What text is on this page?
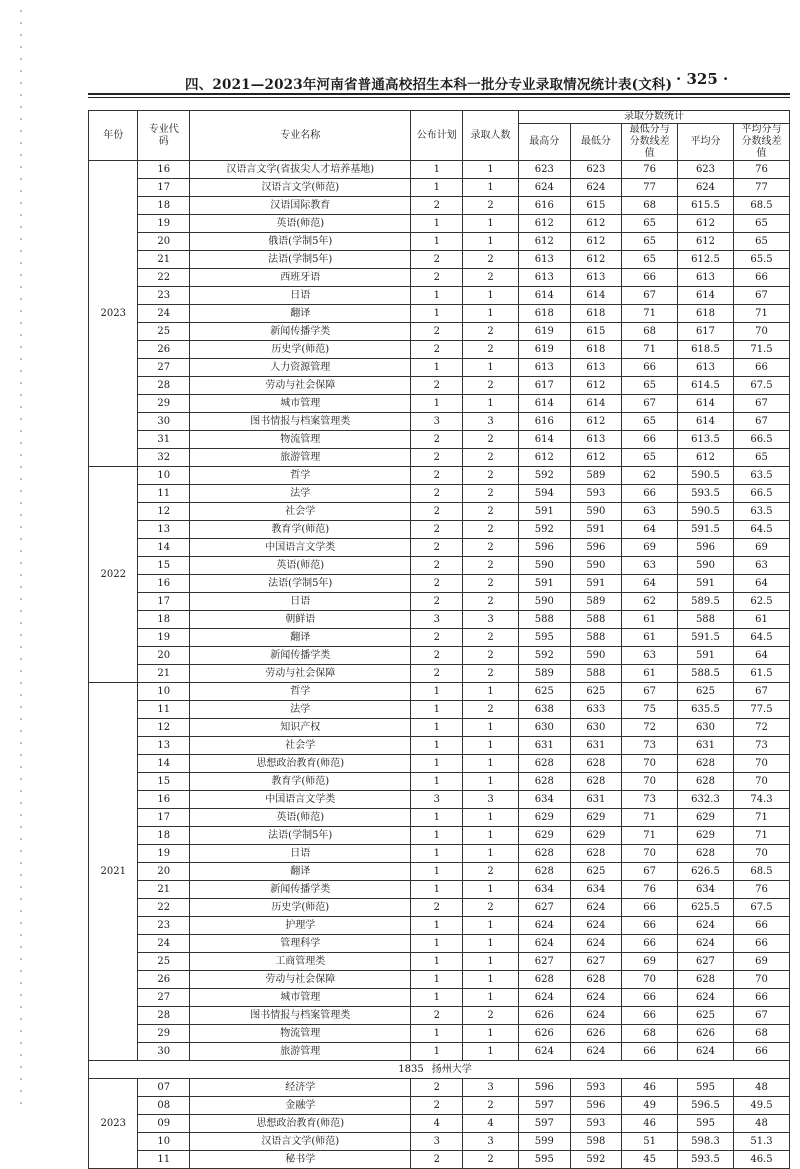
四、2021—2023年河南省普通高校招生本科一批分专业录取情况统计表(文科) · 325 ·
年份	专业代码	专业名称	公布计划	录取人数	录取分数统计				
					最高分	最低分	最低分与分数线差值	平均分	平均分与分数线差值
2023	16	汉语言文学(省拔尖人才培养基地)	1	1	623	623	76	623	76
	17	汉语言文学(师范)	1	1	624	624	77	624	77
	18	汉语国际教育	2	2	616	615	68	615.5	68.5
	19	英语(师范)	1	1	612	612	65	612	65
	20	俄语(学制5年)	1	1	612	612	65	612	65
	21	法语(学制5年)	2	2	613	612	65	612.5	65.5
	22	西班牙语	2	2	613	613	66	613	66
	23	日语	1	1	614	614	67	614	67
	24	翻译	1	1	618	618	71	618	71
	25	新闻传播学类	2	2	619	615	68	617	70
	26	历史学(师范)	2	2	619	618	71	618.5	71.5
	27	人力资源管理	1	1	613	613	66	613	66
	28	劳动与社会保障	2	2	617	612	65	614.5	67.5
	29	城市管理	1	1	614	614	67	614	67
	30	图书情报与档案管理类	3	3	616	612	65	614	67
	31	物流管理	2	2	614	613	66	613.5	66.5
	32	旅游管理	2	2	612	612	65	612	65
2022	10	哲学	2	2	592	589	62	590.5	63.5
	11	法学	2	2	594	593	66	593.5	66.5
	12	社会学	2	2	591	590	63	590.5	63.5
	13	教育学(师范)	2	2	592	591	64	591.5	64.5
	14	中国语言文学类	2	2	596	596	69	596	69
	15	英语(师范)	2	2	590	590	63	590	63
	16	法语(学制5年)	2	2	591	591	64	591	64
	17	日语	2	2	590	589	62	589.5	62.5
	18	朝鲜语	3	3	588	588	61	588	61
	19	翻译	2	2	595	588	61	591.5	64.5
	20	新闻传播学类	2	2	592	590	63	591	64
	21	劳动与社会保障	2	2	589	588	61	588.5	61.5
2021	10	哲学	1	1	625	625	67	625	67
	11	法学	1	2	638	633	75	635.5	77.5
	12	知识产权	1	1	630	630	72	630	72
	13	社会学	1	1	631	631	73	631	73
	14	思想政治教育(师范)	1	1	628	628	70	628	70
	15	教育学(师范)	1	1	628	628	70	628	70
	16	中国语言文学类	3	3	634	631	73	632.3	74.3
	17	英语(师范)	1	1	629	629	71	629	71
	18	法语(学制5年)	1	1	629	629	71	629	71
	19	日语	1	1	628	628	70	628	70
	20	翻译	1	2	628	625	67	626.5	68.5
	21	新闻传播学类	1	1	634	634	76	634	76
	22	历史学(师范)	2	2	627	624	66	625.5	67.5
	23	护理学	1	1	624	624	66	624	66
	24	管理科学	1	1	624	624	66	624	66
	25	工商管理类	1	1	627	627	69	627	69
	26	劳动与社会保障	1	1	628	628	70	628	70
	27	城市管理	1	1	624	624	66	624	66
	28	图书情报与档案管理类	2	2	626	624	66	625	67
	29	物流管理	1	1	626	626	68	626	68
	30	旅游管理	1	1	624	624	66	624	66
1835 扬州大学									
2023	07	经济学	2	3	596	593	46	595	48
	08	金融学	2	2	597	596	49	596.5	49.5
	09	思想政治教育(师范)	4	4	597	593	46	595	48
	10	汉语言文学(师范)	3	3	599	598	51	598.3	51.3
	11	秘书学	2	2	595	592	45	593.5	46.5
